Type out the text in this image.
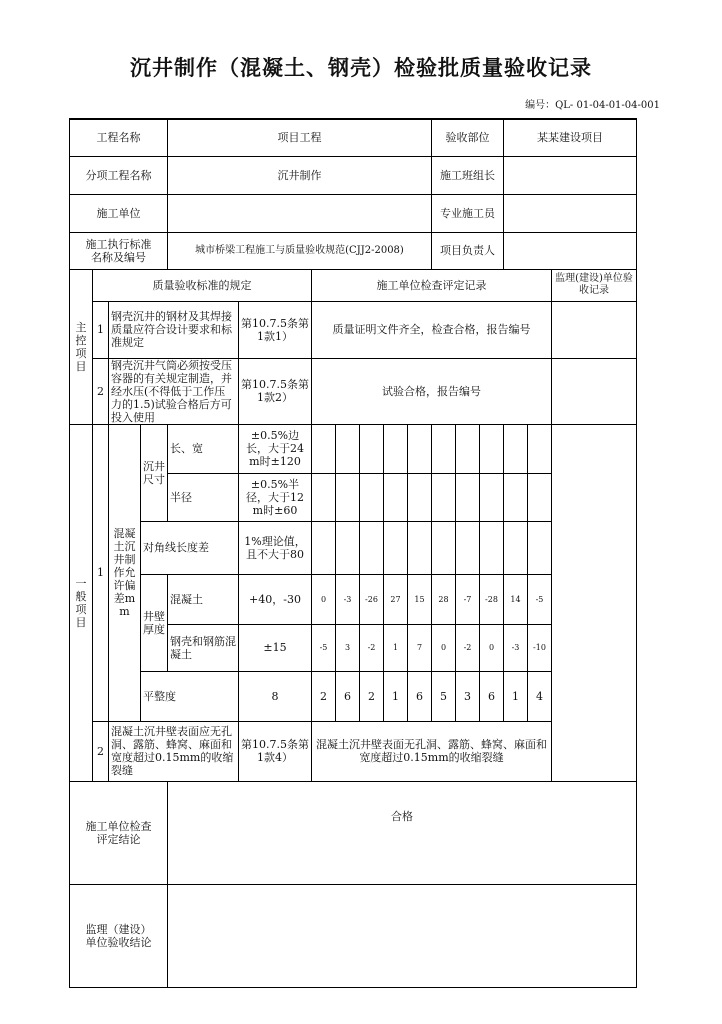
沉井制作（混凝土、钢壳）检验批质量验收记录
编号：QL- 01-04-01-04-001
工程名称				项目工程							验收部位			某某建设项目		
分项工程名称				沉井制作							施工班组长					
施工单位											专业施工员					
施工执行标准名称及编号				城市桥梁工程施工与质量验收规范(CJJ2-2008)							项目负责人					
主控项目	质量验收标准的规定					施工单位检查评定记录										监理(建设)单位验收记录
	1	钢壳沉井的钢材及其焊接质量应符合设计要求和标准规定			第10.7.5条第1款1）	质量证明文件齐全，检查合格，报告编号										
	2	钢壳沉井气筒必须按受压容器的有关规定制造，并经水压(不得低于工作压力的1.5)试验合格后方可投入使用			第10.7.5条第1款2）	试验合格，报告编号										
一般项目	1	混凝土沉井制作允许偏差mm	沉井尺寸	长、宽	±0.5%边长，大于24m时±120											
				半径	±0.5%半径，大于12m时±60											
			对角线长度差		1%理论值，且不大于80											
			井壁厚度	混凝土	+40，-30	0	-3	-26	27	15	28	-7	-28	14	-5	
				钢壳和钢筋混凝土	±15	-5	3	-2	1	7	0	-2	0	-3	-10	
			平整度		8	2	6	2	1	6	5	3	6	1	4	
	2	混凝土沉井壁表面应无孔洞、露筋、蜂窝、麻面和宽度超过0.15mm的收缩裂缝			第10.7.5条第1款4）	混凝土沉井壁表面无孔洞、露筋、蜂窝、麻面和宽度超过0.15mm的收缩裂缝										
施工单位检查评定结论				合格												

监理（建设）单位验收结论	
